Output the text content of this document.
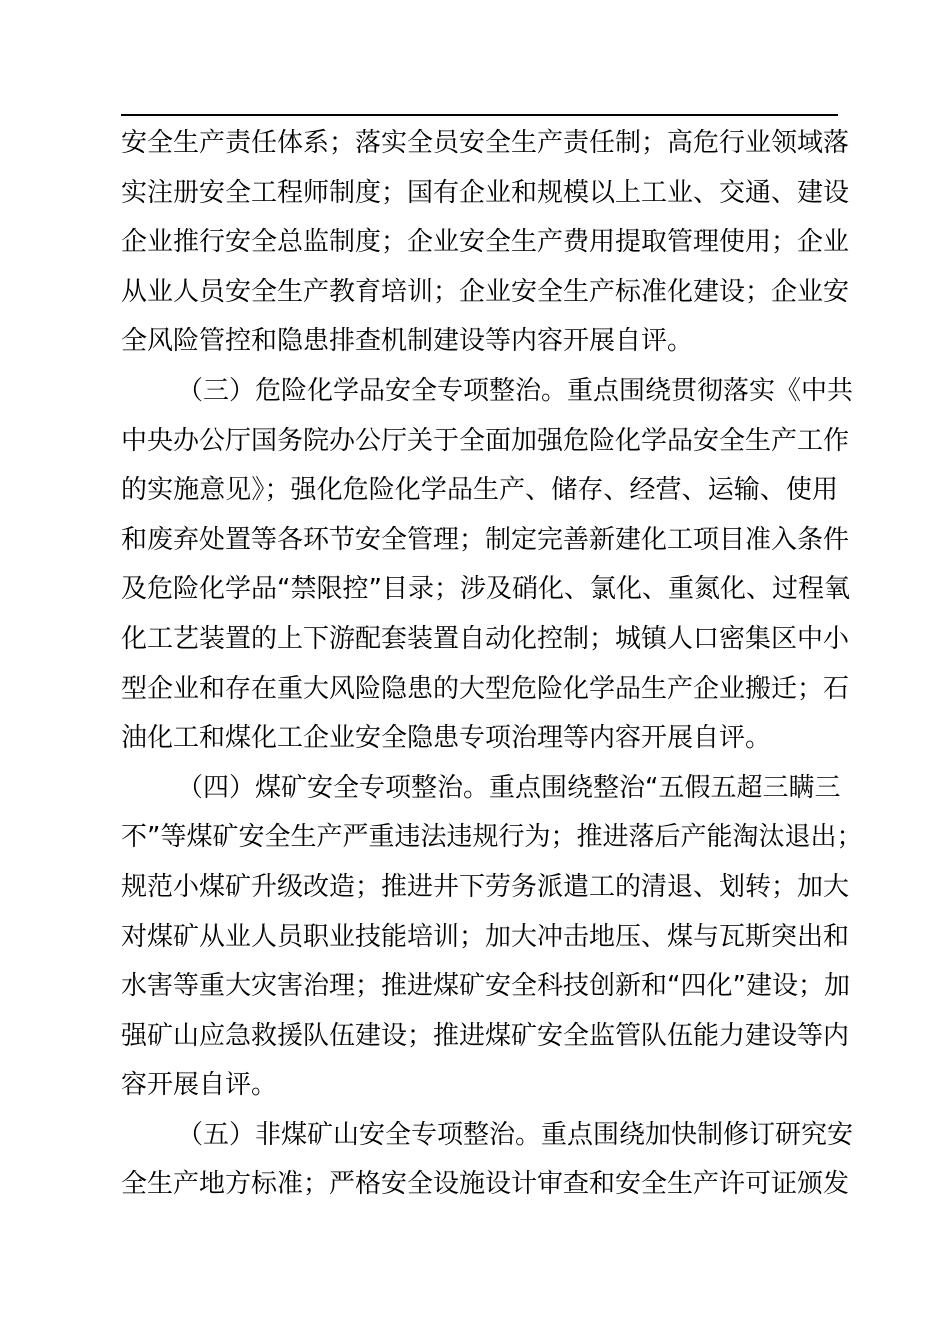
安全生产责任体系；落实全员安全生产责任制；高危行业领域落
实注册安全工程师制度；国有企业和规模以上工业、交通、建设
企业推行安全总监制度；企业安全生产费用提取管理使用；企业
从业人员安全生产教育培训；企业安全生产标准化建设；企业安
全风险管控和隐患排查机制建设等内容开展自评。
（三）危险化学品安全专项整治。重点围绕贯彻落实《中共
中央办公厅国务院办公厅关于全面加强危险化学品安全生产工作
的实施意见》；强化危险化学品生产、储存、经营、运输、使用
和废弃处置等各环节安全管理；制定完善新建化工项目准入条件
及危险化学品“禁限控”目录；涉及硝化、氯化、重氮化、过程氧
化工艺装置的上下游配套装置自动化控制；城镇人口密集区中小
型企业和存在重大风险隐患的大型危险化学品生产企业搬迁；石
油化工和煤化工企业安全隐患专项治理等内容开展自评。
（四）煤矿安全专项整治。重点围绕整治“五假五超三瞒三
不”等煤矿安全生产严重违法违规行为；推进落后产能淘汰退出；
规范小煤矿升级改造；推进井下劳务派遣工的清退、划转；加大
对煤矿从业人员职业技能培训；加大冲击地压、煤与瓦斯突出和
水害等重大灾害治理；推进煤矿安全科技创新和“四化”建设；加
强矿山应急救援队伍建设；推进煤矿安全监管队伍能力建设等内
容开展自评。
（五）非煤矿山安全专项整治。重点围绕加快制修订研究安
全生产地方标准；严格安全设施设计审查和安全生产许可证颁发
